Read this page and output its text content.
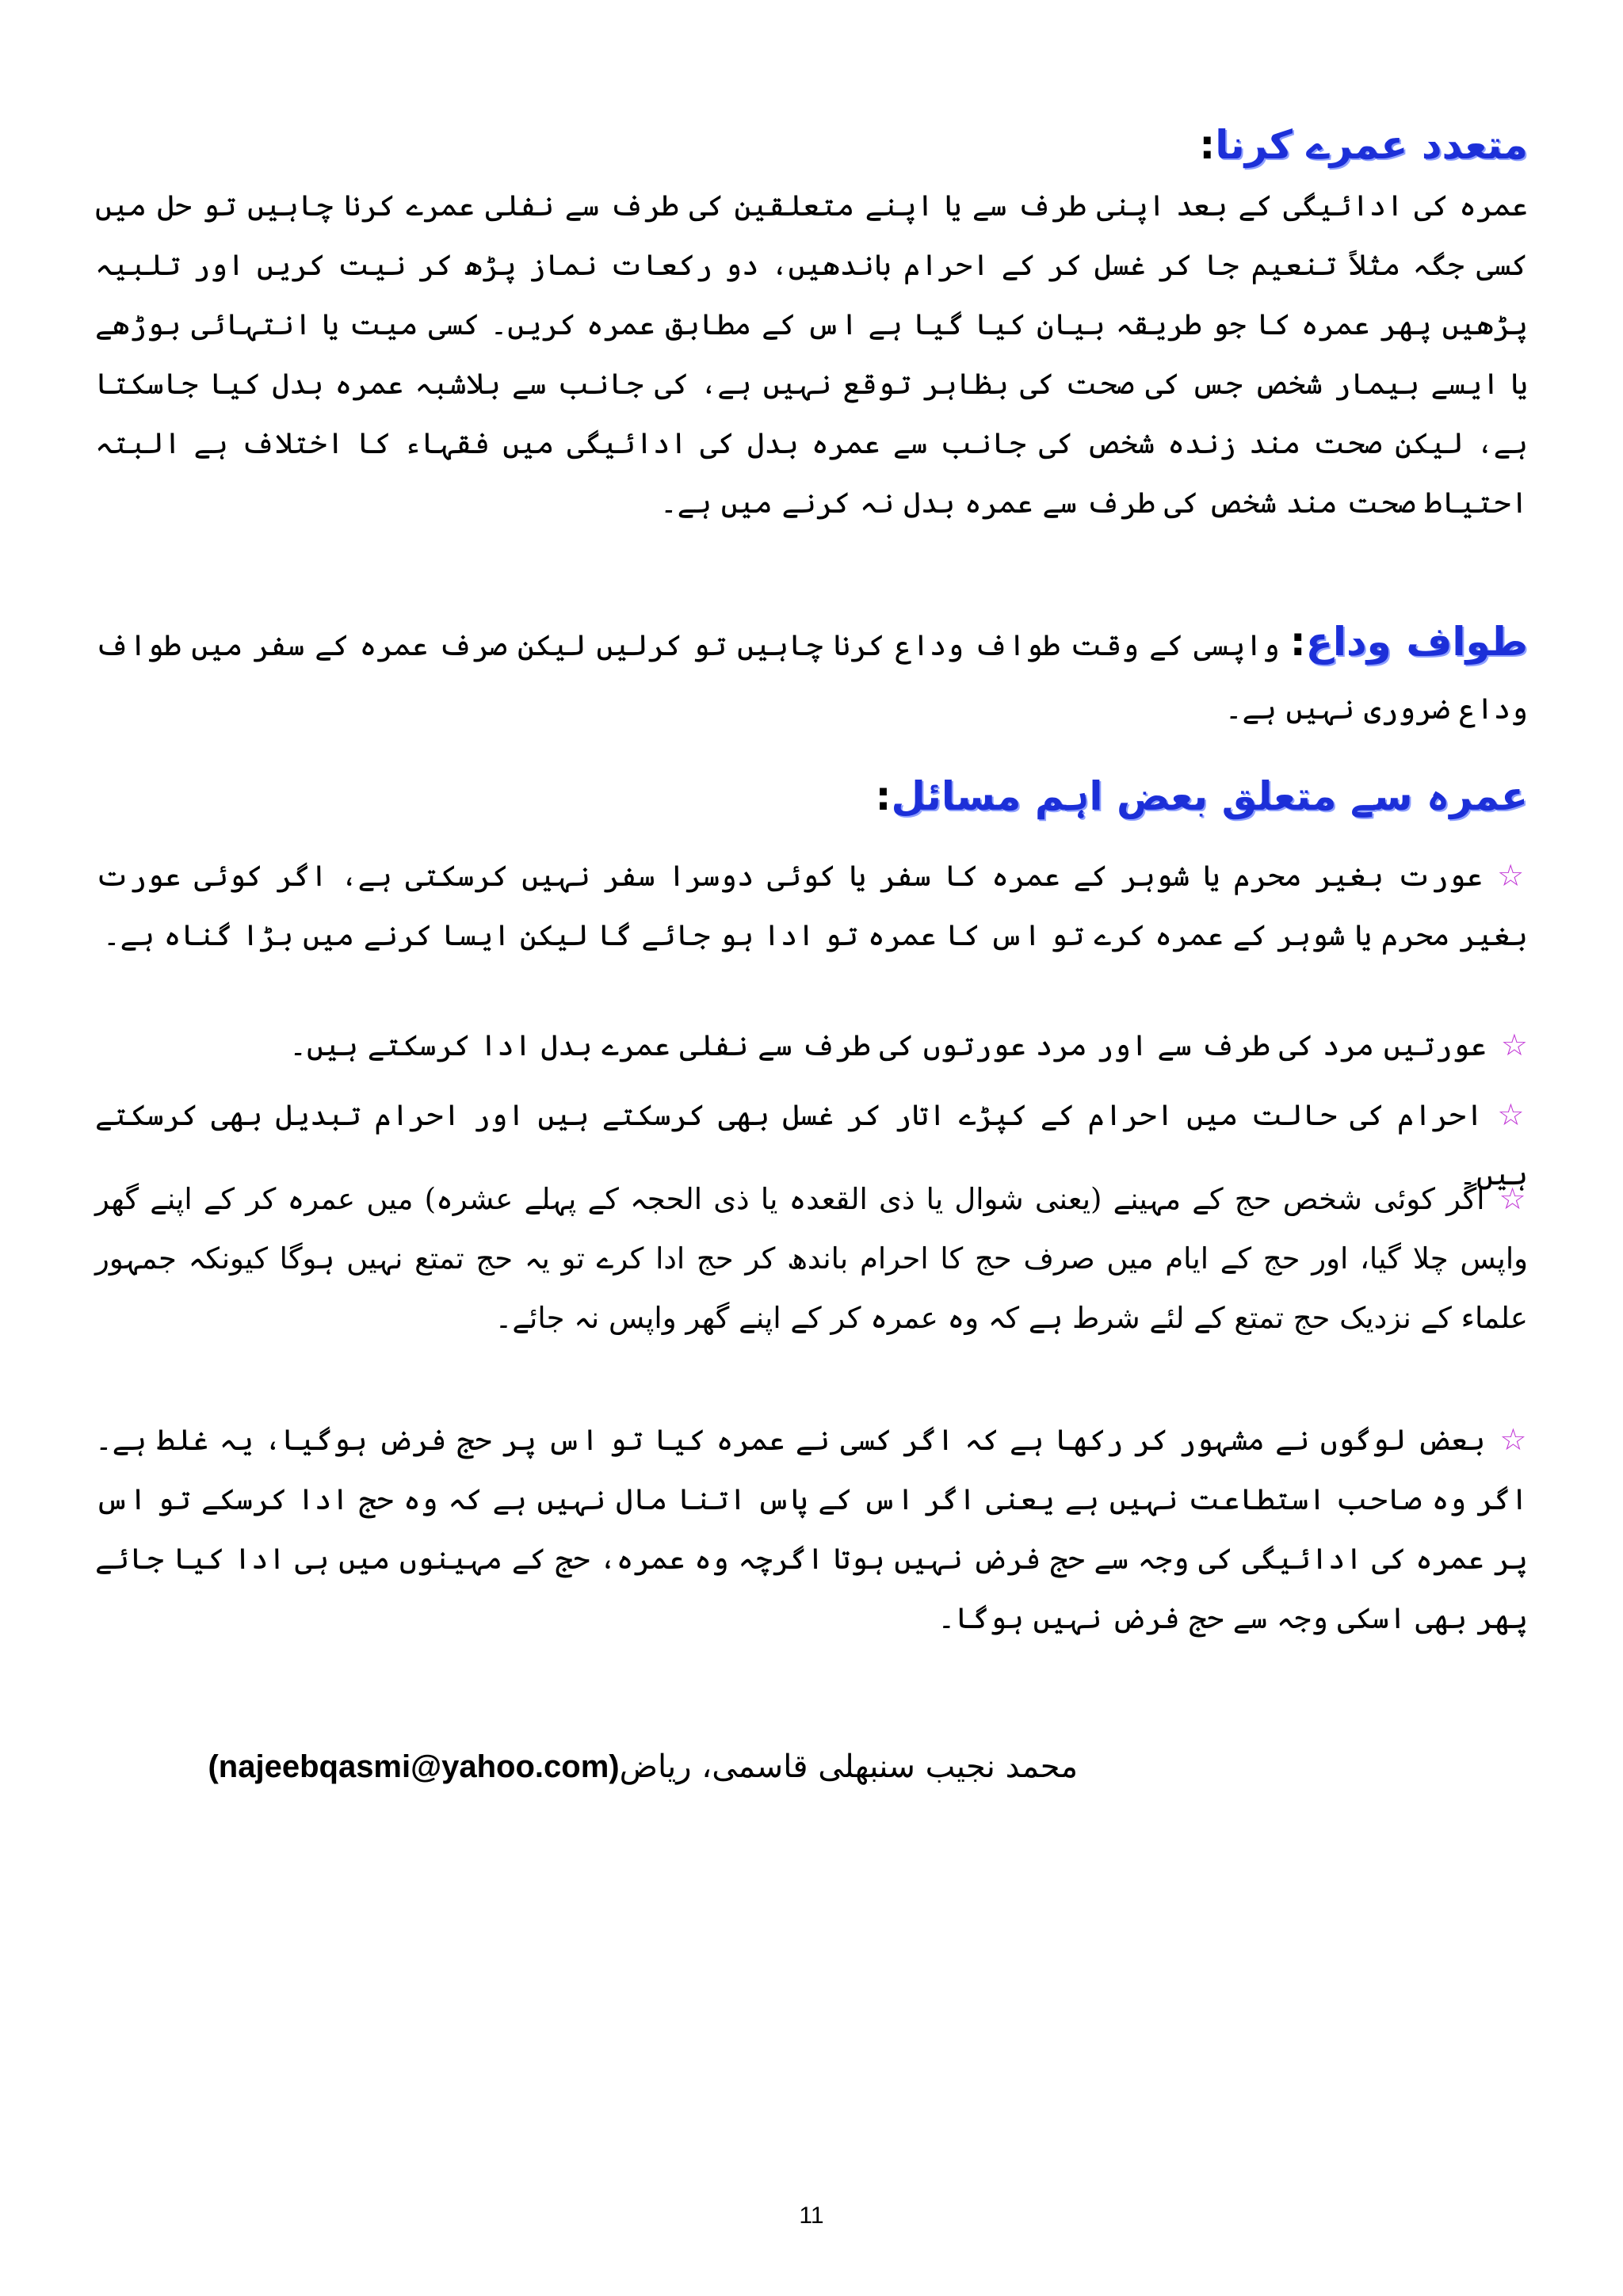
متعدد عمرے کرنا:
عمرہ کی ادائیگی کے بعد اپنی طرف سے یا اپنے متعلقین کی طرف سے نفلی عمرے کرنا چاہیں تو حل میں کسی جگہ مثلاً تنعیم جا کر غسل کر کے احرام باندھیں، دو رکعات نماز پڑھ کر نیت کریں اور تلبیہ پڑھیں پھر عمرہ کا جو طریقہ بیان کیا گیا ہے اس کے مطابق عمرہ کریں۔ کسی میت یا انتہائی بوڑھے یا ایسے بیمار شخص جس کی صحت کی بظاہر توقع نہیں ہے، کی جانب سے بلاشبہ عمرہ بدل کیا جاسکتا ہے، لیکن صحت مند زندہ شخص کی جانب سے عمرہ بدل کی ادائیگی میں فقہاء کا اختلاف ہے البتہ احتیاط صحت مند شخص کی طرف سے عمرہ بدل نہ کرنے میں ہے۔
طواف وداع: واپسی کے وقت طواف وداع کرنا چاہیں تو کرلیں لیکن صرف عمرہ کے سفر میں طواف وداع ضروری نہیں ہے۔
عمرہ سے متعلق بعض اہم مسائل:
☆عورت بغیر محرم یا شوہر کے عمرہ کا سفر یا کوئی دوسرا سفر نہیں کرسکتی ہے، اگر کوئی عورت بغیر محرم یا شوہر کے عمرہ کرے تو اس کا عمرہ تو ادا ہو جائے گا لیکن ایسا کرنے میں بڑا گناہ ہے۔
☆عورتیں مرد کی طرف سے اور مرد عورتوں کی طرف سے نفلی عمرے بدل ادا کرسکتے ہیں۔
☆احرام کی حالت میں احرام کے کپڑے اتار کر غسل بھی کرسکتے ہیں اور احرام تبدیل بھی کرسکتے ہیں۔
☆اگر کوئی شخص حج کے مہینے (یعنی شوال یا ذی القعدہ یا ذی الحجہ کے پہلے عشرہ) میں عمرہ کر کے اپنے گھر واپس چلا گیا، اور حج کے ایام میں صرف حج کا احرام باندھ کر حج ادا کرے تو یہ حج تمتع نہیں ہوگا کیونکہ جمہور علماء کے نزدیک حج تمتع کے لئے شرط ہے کہ وہ عمرہ کر کے اپنے گھر واپس نہ جائے۔
☆بعض لوگوں نے مشہور کر رکھا ہے کہ اگر کسی نے عمرہ کیا تو اس پر حج فرض ہوگیا، یہ غلط ہے۔ اگر وہ صاحب استطاعت نہیں ہے یعنی اگر اس کے پاس اتنا مال نہیں ہے کہ وہ حج ادا کرسکے تو اس پر عمرہ کی ادائیگی کی وجہ سے حج فرض نہیں ہوتا اگرچہ وہ عمرہ، حج کے مہینوں میں ہی ادا کیا جائے پھر بھی اسکی وجہ سے حج فرض نہیں ہوگا۔
محمد نجیب سنبھلی قاسمی، ریاض(najeebqasmi@yahoo.com)
11
